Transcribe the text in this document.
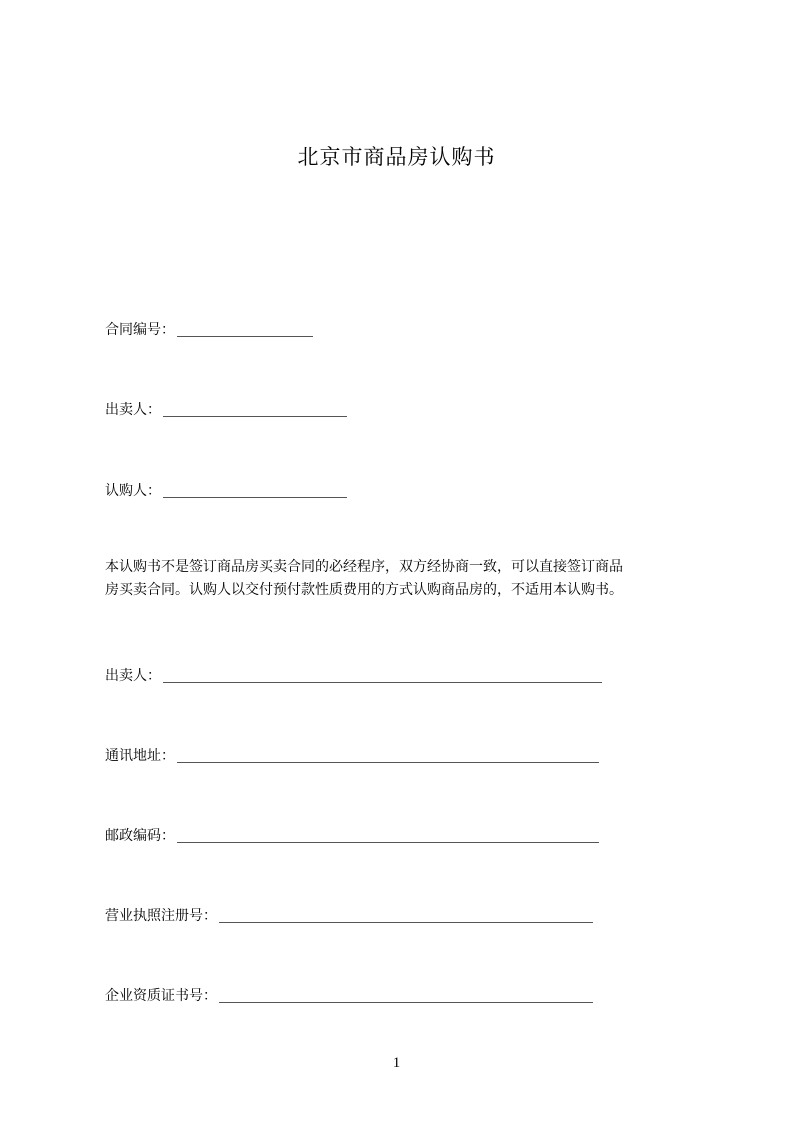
北京市商品房认购书
合同编号：
出卖人：
认购人：

本认购书不是签订商品房买卖合同的必经程序，双方经协商一致，可以直接签订商品

房买卖合同。认购人以交付预付款性质费用的方式认购商品房的，不适用本认购书。

出卖人：
通讯地址：
邮政编码：
营业执照注册号：
企业资质证书号：
1
